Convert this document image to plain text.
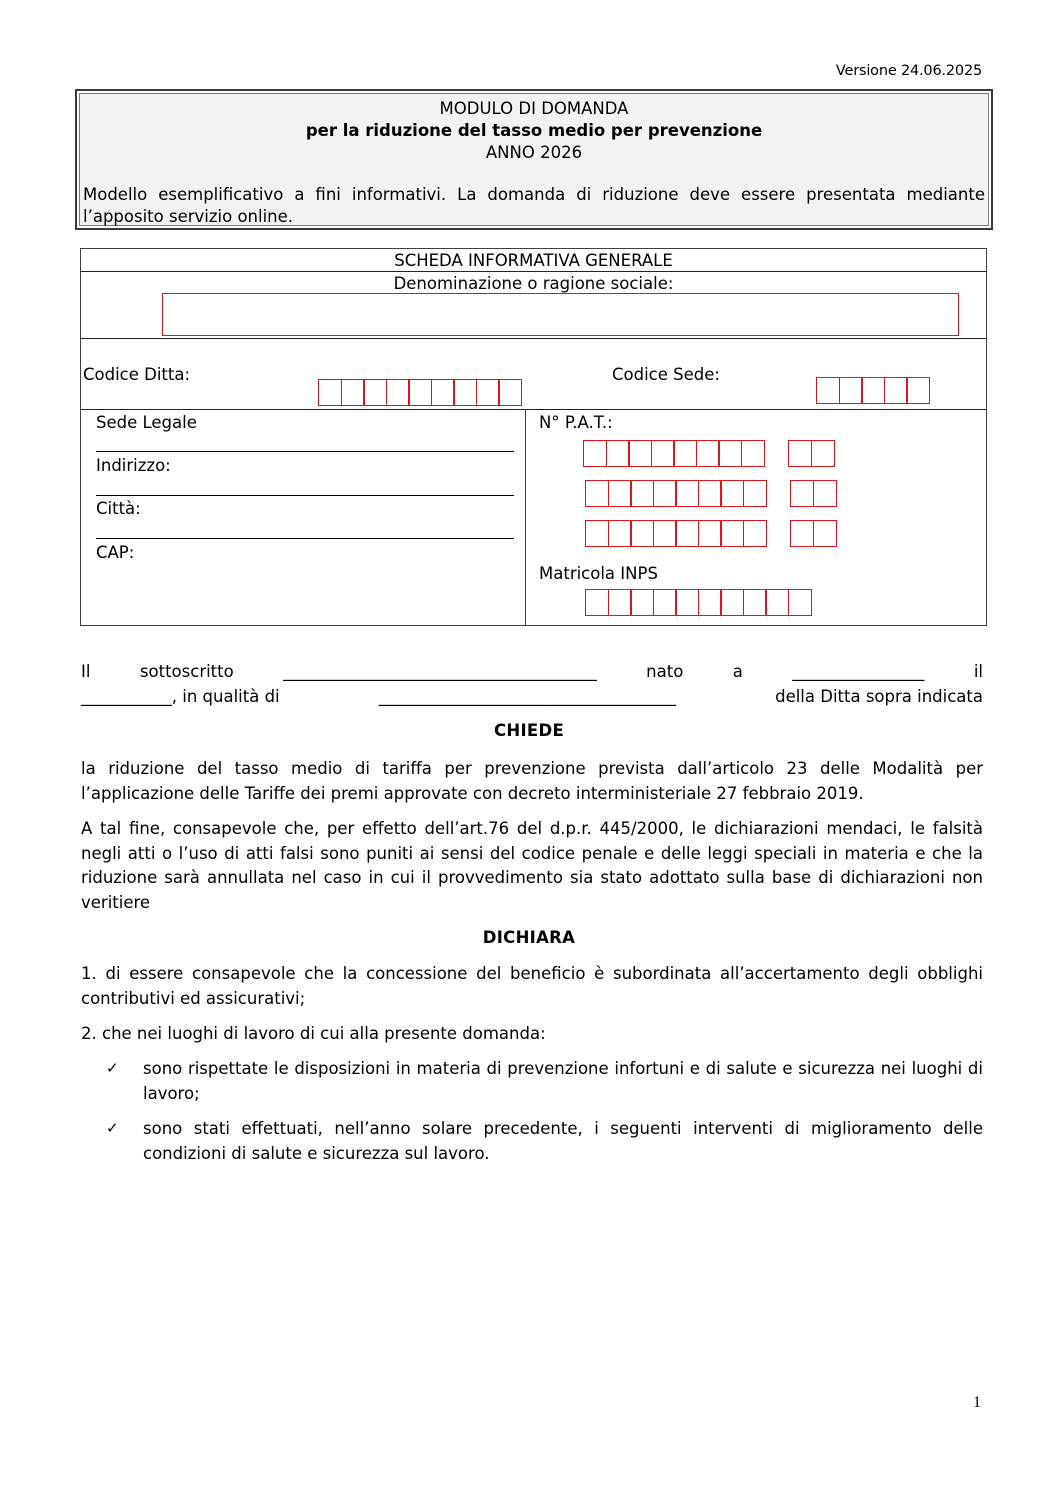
Versione 24.06.2025
MODULO DI DOMANDA
per la riduzione del tasso medio per prevenzione
ANNO 2026
Modello esemplificativo a fini informativi. La domanda di riduzione deve essere presentata mediante l’apposito servizio online.
SCHEDA INFORMATIVA GENERALE
Denominazione o ragione sociale:
Codice Ditta:	Codice Sede:
Sede Legale
Indirizzo:
Città:
CAP:
N° P.A.T.:
Matricola INPS
Il	sottoscritto	______________________________________	nato	a	________________	il
___________, in qualità di	____________________________________	della Ditta sopra indicata
CHIEDE
la riduzione del tasso medio di tariffa per prevenzione prevista dall’articolo 23 delle Modalità per l’applicazione delle Tariffe dei premi approvate con decreto interministeriale 27 febbraio 2019.
A tal fine, consapevole che, per effetto dell’art.76 del d.p.r. 445/2000, le dichiarazioni mendaci, le falsità negli atti o l’uso di atti falsi sono puniti ai sensi del codice penale e delle leggi speciali in materia e che la riduzione sarà annullata nel caso in cui il provvedimento sia stato adottato sulla base di dichiarazioni non veritiere
DICHIARA
1. di essere consapevole che la concessione del beneficio è subordinata all’accertamento degli obblighi contributivi ed assicurativi;
2. che nei luoghi di lavoro di cui alla presente domanda:
✓ sono rispettate le disposizioni in materia di prevenzione infortuni e di salute e sicurezza nei luoghi di lavoro;
✓ sono stati effettuati, nell’anno solare precedente, i seguenti interventi di miglioramento delle condizioni di salute e sicurezza sul lavoro.
1
